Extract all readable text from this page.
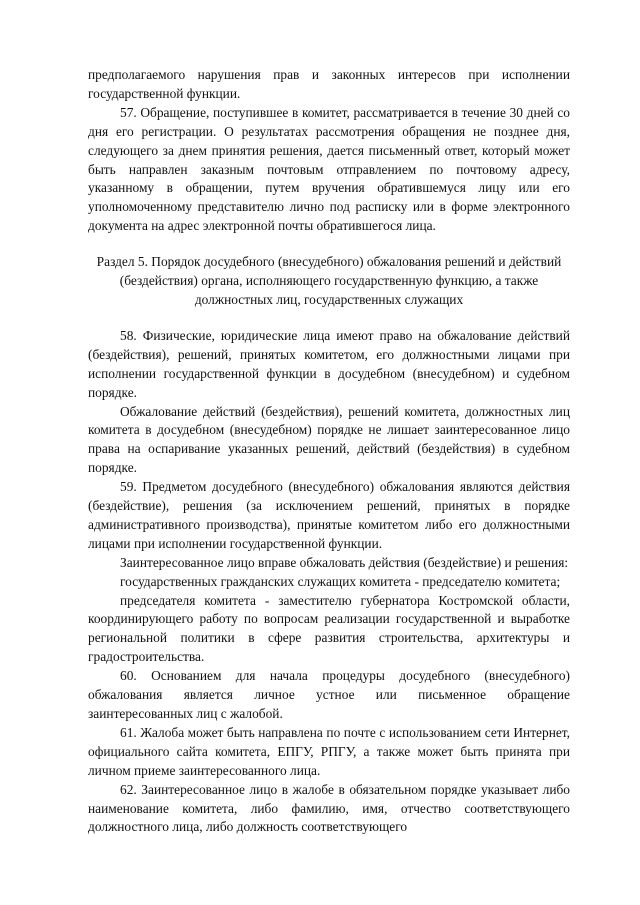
предполагаемого нарушения прав и законных интересов при исполнении государственной функции.

57. Обращение, поступившее в комитет, рассматривается в течение 30 дней со дня его регистрации. О результатах рассмотрения обращения не позднее дня, следующего за днем принятия решения, дается письменный ответ, который может быть направлен заказным почтовым отправлением по почтовому адресу, указанному в обращении, путем вручения обратившемуся лицу или его уполномоченному представителю лично под расписку или в форме электронного документа на адрес электронной почты обратившегося лица.

Раздел 5. Порядок досудебного (внесудебного) обжалования решений и действий (бездействия) органа, исполняющего государственную функцию, а также должностных лиц, государственных служащих

58. Физические, юридические лица имеют право на обжалование действий (бездействия), решений, принятых комитетом, его должностными лицами при исполнении государственной функции в досудебном (внесудебном) и судебном порядке.

Обжалование действий (бездействия), решений комитета, должностных лиц комитета в досудебном (внесудебном) порядке не лишает заинтересованное лицо права на оспаривание указанных решений, действий (бездействия) в судебном порядке.

59. Предметом досудебного (внесудебного) обжалования являются действия (бездействие), решения (за исключением решений, принятых в порядке административного производства), принятые комитетом либо его должностными лицами при исполнении государственной функции.

Заинтересованное лицо вправе обжаловать действия (бездействие) и решения:

государственных гражданских служащих комитета - председателю комитета;

председателя комитета - заместителю губернатора Костромской области, координирующего работу по вопросам реализации государственной и выработке региональной политики в сфере развития строительства, архитектуры и градостроительства.

60. Основанием для начала процедуры досудебного (внесудебного) обжалования является личное устное или письменное обращение заинтересованных лиц с жалобой.

61. Жалоба может быть направлена по почте с использованием сети Интернет, официального сайта комитета, ЕПГУ, РПГУ, а также может быть принята при личном приеме заинтересованного лица.

62. Заинтересованное лицо в жалобе в обязательном порядке указывает либо наименование комитета, либо фамилию, имя, отчество соответствующего должностного лица, либо должность соответствующего
